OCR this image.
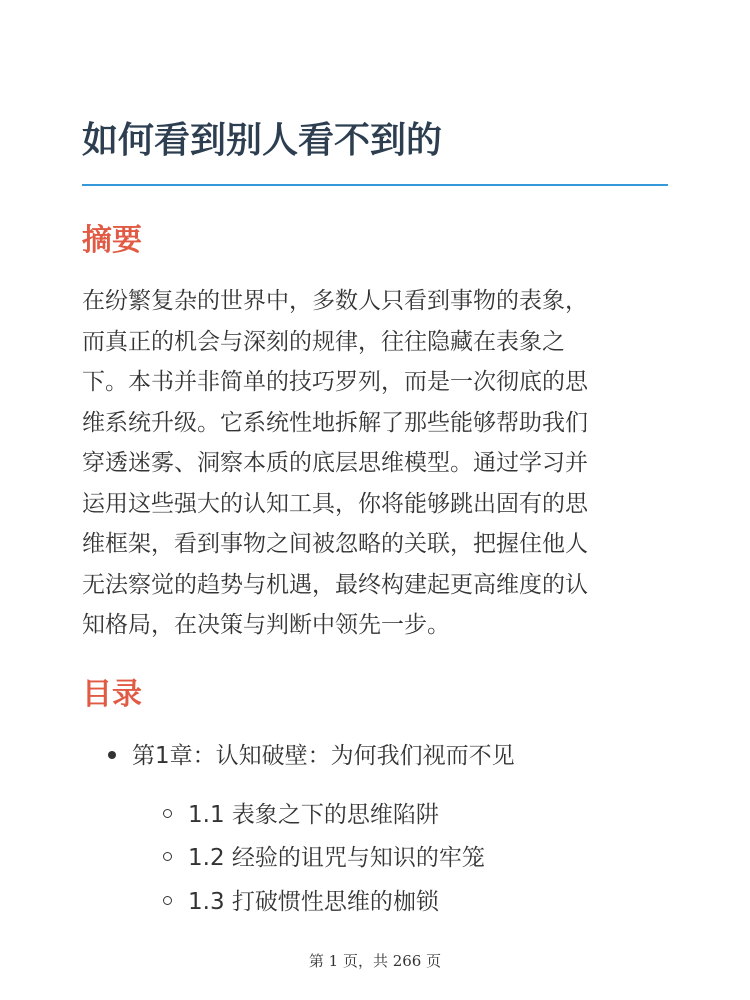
如何看到别人看不到的
摘要

在纷繁复杂的世界中，多数人只看到事物的表象，
而真正的机会与深刻的规律，往往隐藏在表象之
下。本书并非简单的技巧罗列，而是一次彻底的思
维系统升级。它系统性地拆解了那些能够帮助我们
穿透迷雾、洞察本质的底层思维模型。通过学习并
运用这些强大的认知工具，你将能够跳出固有的思
维框架，看到事物之间被忽略的关联，把握住他人
无法察觉的趋势与机遇，最终构建起更高维度的认
知格局，在决策与判断中领先一步。

目录
第1章：认知破壁：为何我们视而不见
1.1 表象之下的思维陷阱
1.2 经验的诅咒与知识的牢笼
1.3 打破惯性思维的枷锁
第 1 页，共 266 页
